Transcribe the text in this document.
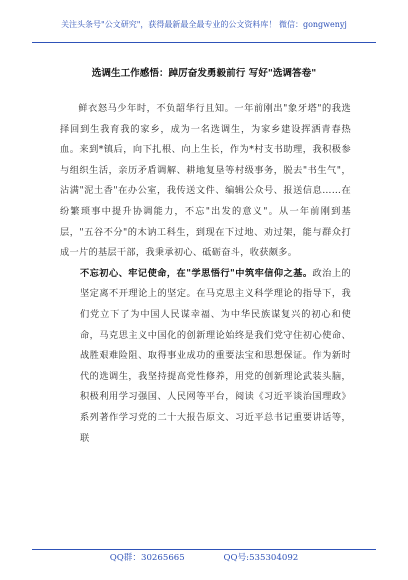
关注头条号"公文研究"，获得最新最全最专业的公文资料库！ 微信：gongwenyj
选调生工作感悟：踔厉奋发勇毅前行 写好"选调答卷"

鲜衣怒马少年时，不负韶华行且知。一年前刚出"象牙塔"的我选择回到生我育我的家乡，成为一名选调生，为家乡建设挥洒青春热血。来到*镇后，向下扎根、向上生长，作为*村支书助理，我积极参与组织生活，亲历矛盾调解、耕地复垦等村级事务，脱去"书生气"，沾满"泥土香"在办公室，我传送文件、编辑公众号、报送信息……在纷繁琐事中提升协调能力，不忘"出发的意义"。从一年前刚到基层，"五谷不分"的木讷工科生，到现在下过地、劝过架，能与群众打成一片的基层干部，我秉承初心、砥砺奋斗，收获颇多。

不忘初心、牢记使命，在"学思悟行"中筑牢信仰之基。政治上的坚定离不开理论上的坚定。在马克思主义科学理论的指导下，我们党立下了为中国人民谋幸福、为中华民族谋复兴的初心和使命，马克思主义中国化的创新理论始终是我们党守住初心使命、战胜艰难险阻、取得事业成功的重要法宝和思想保证。作为新时代的选调生，我坚持提高党性修养，用党的创新理论武装头脑，积极利用学习强国、人民网等平台，阅读《习近平谈治国理政》系列著作学习党的二十大报告原文、习近平总书记重要讲话等，联

QQ群：30265665	QQ号:535304092
